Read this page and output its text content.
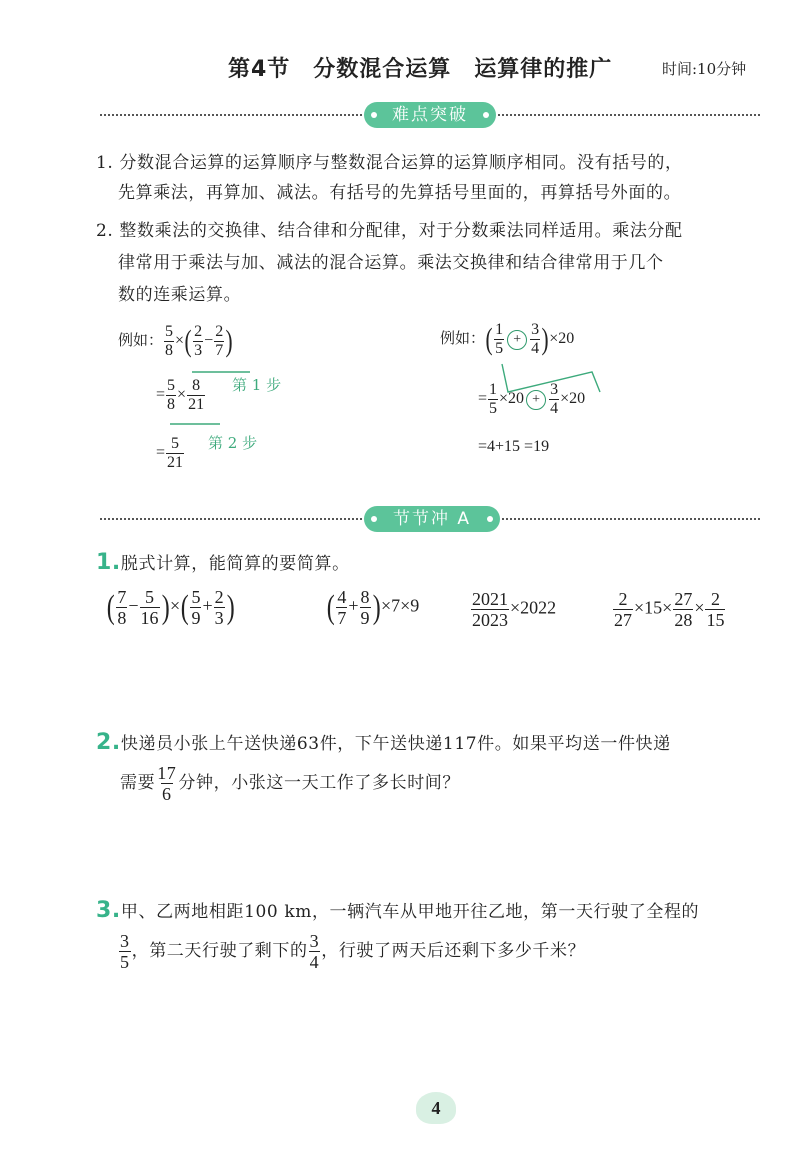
第4节　分数混合运算　运算律的推广	时间:10分钟
难点突破
1. 分数混合运算的运算顺序与整数混合运算的运算顺序相同。没有括号的，
先算乘法，再算加、减法。有括号的先算括号里面的，再算括号外面的。
2. 整数乘法的交换律、结合律和分配律，对于分数乘法同样适用。乘法分配
律常用于乘法与加、减法的混合运算。乘法交换律和结合律常用于几个
数的连乘运算。
例如： $\frac{5}{8}$ ×( $\frac{2}{3} - \frac{2}{7}$ )
= $\frac{5}{8} \times \frac{8}{21}$ 第 1 步
第 2 步
= $\frac{5}{21}$
例如：( $\frac{1}{5} + \frac{3}{4} )\times 20$
= $\frac{1}{5} \times 20 + \frac{3}{4} \times 20$
=4+15 =19
节节冲 A
1.脱式计算，能简算的要简算。
( $\frac{7}{8} - \frac{5}{16}$ )×( $\frac{5}{9} + \frac{2}{3}$ )	( $\frac{4}{7} + \frac{8}{9} )\times 7\times 9$	$\frac{2021}{2023} \times 2022$	$\frac{2}{27} \times 15\times \frac{27}{28} \times \frac{2}{15}$
2.快递员小张上午送快递63件，下午送快递117件。如果平均送一件快递
需要 $\frac{17}{6}$ 分钟，小张这一天工作了多长时间？
3.甲、乙两地相距100 km，一辆汽车从甲地开往乙地，第一天行驶了全程的
$\frac{3}{5}$ ，第二天行驶了剩下的 $\frac{3}{4}$ ，行驶了两天后还剩下多少千米？
4
